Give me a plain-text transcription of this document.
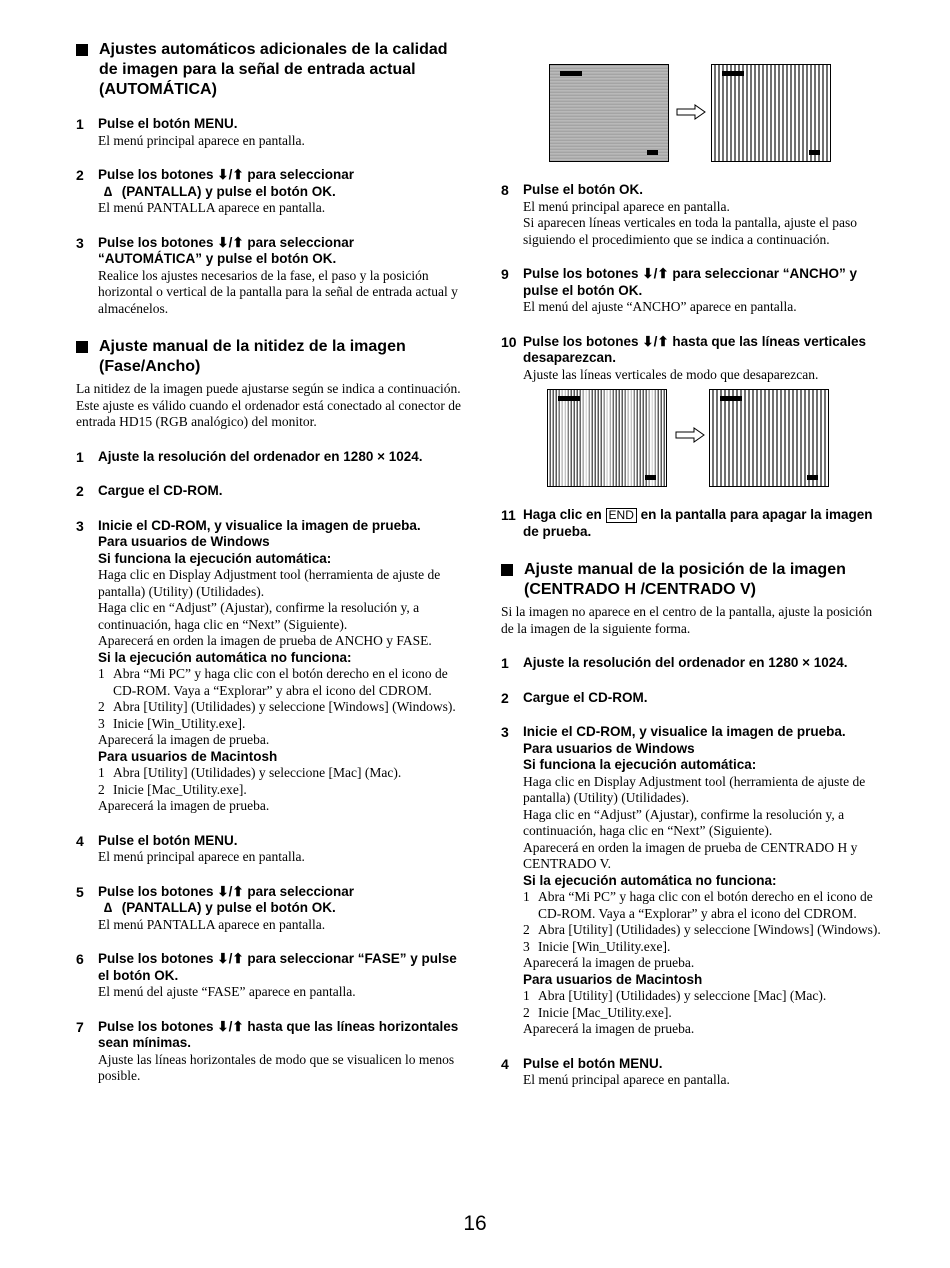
Ajustes automáticos adicionales de la calidad de imagen para la señal de entrada actual (AUTOMÁTICA)
1 Pulse el botón MENU.
El menú principal aparece en pantalla.
2 Pulse los botones ⬇/⬆ para seleccionar
∆ (PANTALLA) y pulse el botón OK.
El menú PANTALLA aparece en pantalla.
3 Pulse los botones ⬇/⬆ para seleccionar
“AUTOMÁTICA” y pulse el botón OK.
Realice los ajustes necesarios de la fase, el paso y la posición horizontal o vertical de la pantalla para la señal de entrada actual y almacénelos.
Ajuste manual de la nitidez de la imagen (Fase/Ancho)
La nitidez de la imagen puede ajustarse según se indica a continuación. Este ajuste es válido cuando el ordenador está conectado al conector de entrada HD15 (RGB analógico) del monitor.
1 Ajuste la resolución del ordenador en 1280 × 1024.
2 Cargue el CD-ROM.
3 Inicie el CD-ROM, y visualice la imagen de prueba.
Para usuarios de Windows
Si funciona la ejecución automática:
Haga clic en Display Adjustment tool (herramienta de ajuste de pantalla) (Utility) (Utilidades).
Haga clic en “Adjust” (Ajustar), confirme la resolución y, a continuación, haga clic en “Next” (Siguiente).
Aparecerá en orden la imagen de prueba de ANCHO y FASE.
Si la ejecución automática no funciona:
1 Abra “Mi PC” y haga clic con el botón derecho en el icono de CD-ROM. Vaya a “Explorar” y abra el icono del CDROM.
2 Abra [Utility] (Utilidades) y seleccione [Windows] (Windows).
3 Inicie [Win_Utility.exe].
Aparecerá la imagen de prueba.
Para usuarios de Macintosh
1 Abra [Utility] (Utilidades) y seleccione [Mac] (Mac).
2 Inicie [Mac_Utility.exe].
Aparecerá la imagen de prueba.
4 Pulse el botón MENU.
El menú principal aparece en pantalla.
5 Pulse los botones ⬇/⬆ para seleccionar
∆ (PANTALLA) y pulse el botón OK.
El menú PANTALLA aparece en pantalla.
6 Pulse los botones ⬇/⬆ para seleccionar “FASE” y pulse el botón OK.
El menú del ajuste “FASE” aparece en pantalla.
7 Pulse los botones ⬇/⬆ hasta que las líneas horizontales sean mínimas.
Ajuste las líneas horizontales de modo que se visualicen lo menos posible.
8 Pulse el botón OK.
El menú principal aparece en pantalla.
Si aparecen líneas verticales en toda la pantalla, ajuste el paso siguiendo el procedimiento que se indica a continuación.
9 Pulse los botones ⬇/⬆ para seleccionar “ANCHO” y pulse el botón OK.
El menú del ajuste “ANCHO” aparece en pantalla.
10 Pulse los botones ⬇/⬆ hasta que las líneas verticales desaparezcan.
Ajuste las líneas verticales de modo que desaparezcan.
11 Haga clic en END en la pantalla para apagar la imagen de prueba.
Ajuste manual de la posición de la imagen (CENTRADO H /CENTRADO V)
Si la imagen no aparece en el centro de la pantalla, ajuste la posición de la imagen de la siguiente forma.
1 Ajuste la resolución del ordenador en 1280 × 1024.
2 Cargue el CD-ROM.
3 Inicie el CD-ROM, y visualice la imagen de prueba.
Para usuarios de Windows
Si funciona la ejecución automática:
Haga clic en Display Adjustment tool (herramienta de ajuste de pantalla) (Utility) (Utilidades).
Haga clic en “Adjust” (Ajustar), confirme la resolución y, a continuación, haga clic en “Next” (Siguiente).
Aparecerá en orden la imagen de prueba de CENTRADO H y CENTRADO V.
Si la ejecución automática no funciona:
1 Abra “Mi PC” y haga clic con el botón derecho en el icono de CD-ROM. Vaya a “Explorar” y abra el icono del CDROM.
2 Abra [Utility] (Utilidades) y seleccione [Windows] (Windows).
3 Inicie [Win_Utility.exe].
Aparecerá la imagen de prueba.
Para usuarios de Macintosh
1 Abra [Utility] (Utilidades) y seleccione [Mac] (Mac).
2 Inicie [Mac_Utility.exe].
Aparecerá la imagen de prueba.
4 Pulse el botón MENU.
El menú principal aparece en pantalla.
16
